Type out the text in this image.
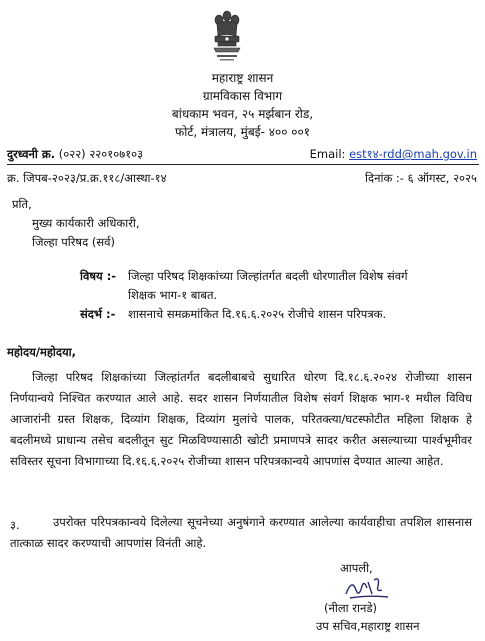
महाराष्ट्र शासन
ग्रामविकास विभाग
बांधकाम भवन, २५ मर्झबान रोड,
फोर्ट, मंत्रालय, मुंबई- ४०० ००१
दुरध्वनी क्र. (०२२) २२०१०७१०३	Email: est१४-rdd@mah.gov.in
क्र. जिपब-२०२३/प्र.क्र.११८/आस्था-१४	दिनांक :- ६ ऑगस्ट, २०२५
प्रति,
मुख्य कार्यकारी अधिकारी,
जिल्हा परिषद (सर्व)
विषय :- जिल्हा परिषद शिक्षकांच्या जिल्हांतर्गत बदली धोरणातील विशेष संवर्ग
शिक्षक भाग-१ बाबत.
संदर्भ :- शासनाचे समक्रमांकित दि.१६.६.२०२५ रोजीचे शासन परिपत्रक.
महोदय/महोदया,
जिल्हा परिषद शिक्षकांच्या जिल्हांतर्गत बदलीबाबचे सुधारित धोरण दि.१८.६.२०२४ रोजीच्या शासन निर्णयान्वये निश्चित करण्यात आले आहे. सदर शासन निर्णयातील विशेष संवर्ग शिक्षक भाग-१ मधील विविध आजारांनी ग्रस्त शिक्षक, दिव्यांग शिक्षक, दिव्यांग मुलांचे पालक, परितक्त्या/घटस्फोटीत महिला शिक्षक हे बदलीमध्ये प्राधान्य तसेच बदलीतून सुट मिळविण्यासाठी खोटी प्रमाणपत्रे सादर करीत असल्याच्या पार्श्वभूमीवर सविस्तर सूचना विभागाच्या दि.१६.६.२०२५ रोजीच्या शासन परिपत्रकान्वये आपणांस देण्यात आल्या आहेत.
३.	उपरोक्त परिपत्रकान्वये दिलेल्या सूचनेच्या अनुषंगाने करण्यात आलेल्या कार्यवाहीचा तपशिल शासनास तात्काळ सादर करण्याची आपणांस विनंती आहे.
आपली,
(नीला रानडे)
उप सचिव,महाराष्ट्र शासन
